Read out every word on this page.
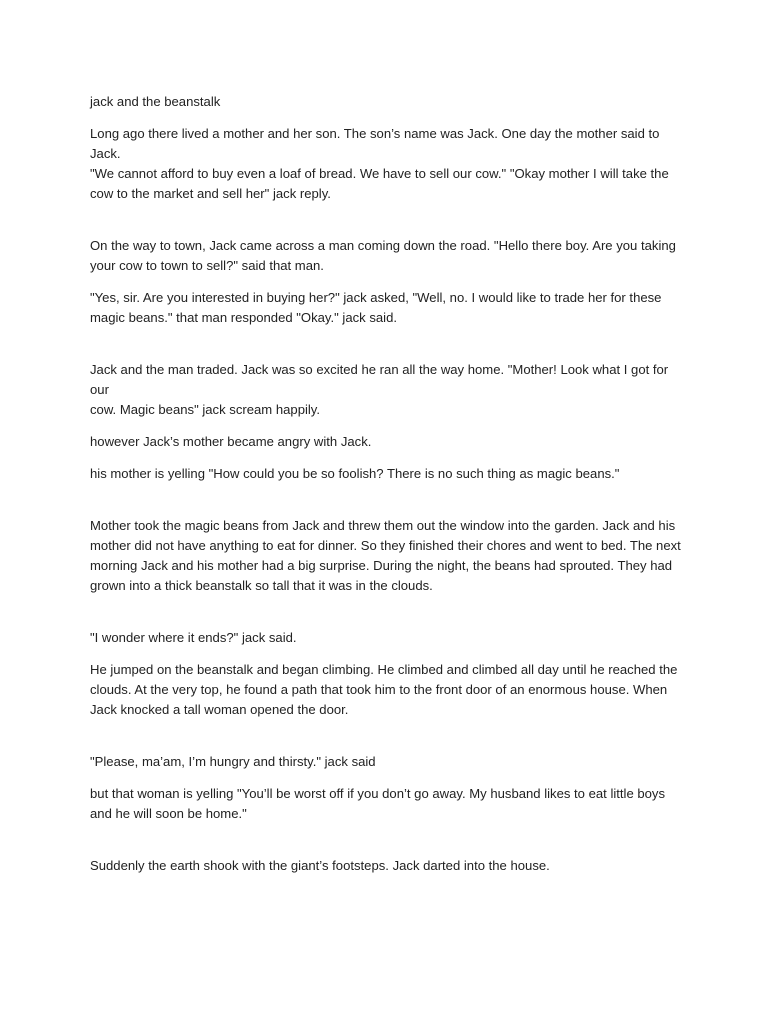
jack and the beanstalk

Long ago there lived a mother and her son. The son’s name was Jack. One day the mother said to Jack.
"We cannot afford to buy even a loaf of bread. We have to sell our cow." "Okay mother I will take the
cow to the market and sell her" jack reply.

On the way to town, Jack came across a man coming down the road. "Hello there boy. Are you taking
your cow to town to sell?" said that man.

"Yes, sir. Are you interested in buying her?" jack asked, "Well, no. I would like to trade her for these
magic beans." that man responded "Okay." jack said.

Jack and the man traded. Jack was so excited he ran all the way home. "Mother! Look what I got for our
cow. Magic beans" jack scream happily.

however Jack’s mother became angry with Jack.

his mother is yelling "How could you be so foolish? There is no such thing as magic beans."

Mother took the magic beans from Jack and threw them out the window into the garden. Jack and his
mother did not have anything to eat for dinner. So they finished their chores and went to bed. The next
morning Jack and his mother had a big surprise. During the night, the beans had sprouted. They had
grown into a thick beanstalk so tall that it was in the clouds.

"I wonder where it ends?" jack said.

He jumped on the beanstalk and began climbing. He climbed and climbed all day until he reached the
clouds. At the very top, he found a path that took him to the front door of an enormous house. When
Jack knocked a tall woman opened the door.

"Please, ma’am, I’m hungry and thirsty." jack said

but that woman is yelling "You’ll be worst off if you don’t go away. My husband likes to eat little boys
and he will soon be home."

Suddenly the earth shook with the giant’s footsteps. Jack darted into the house.
